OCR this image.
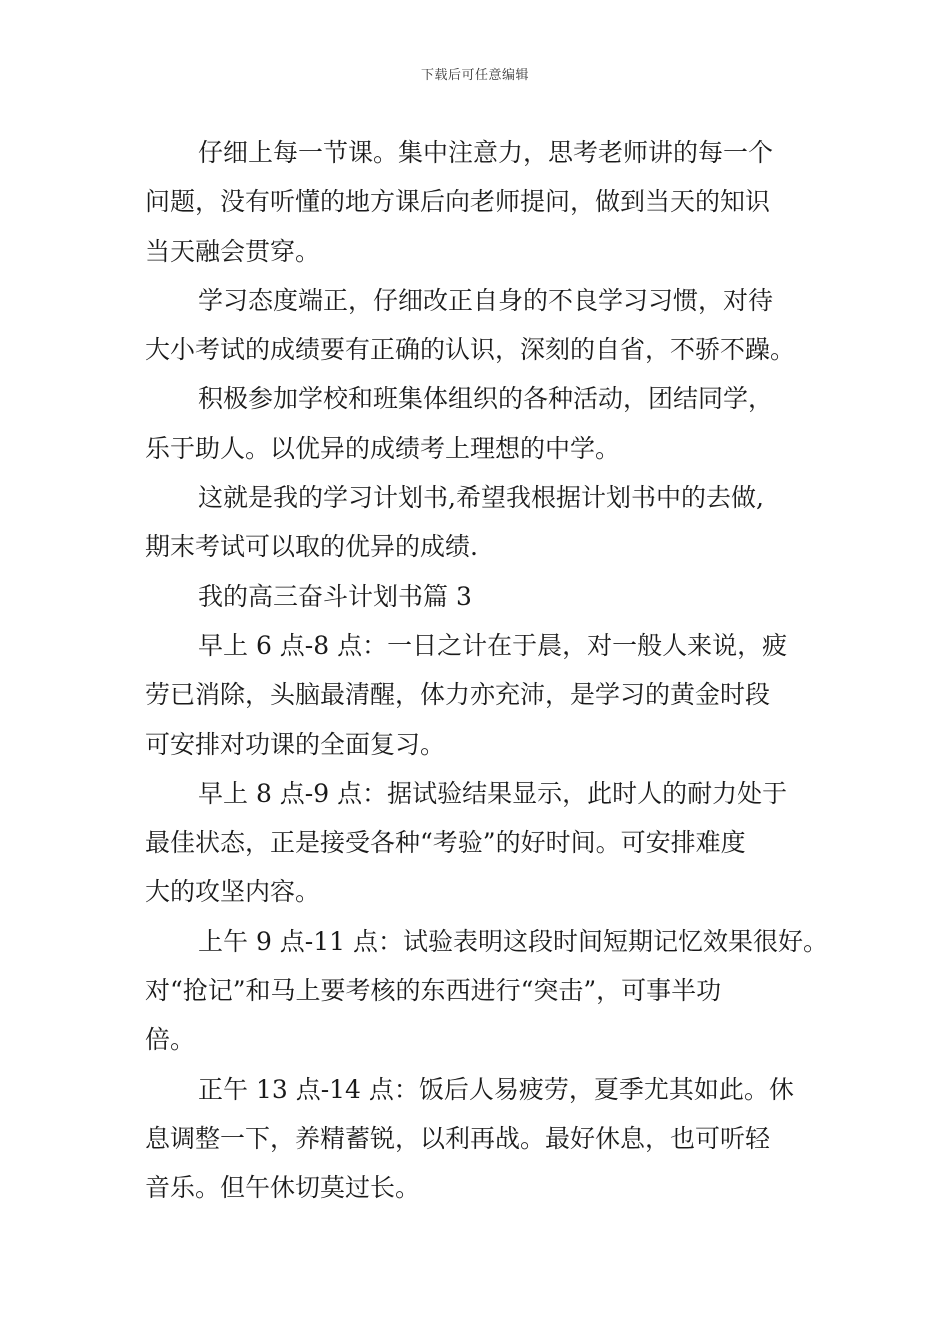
下载后可任意编辑

仔细上每一节课。集中注意力，思考老师讲的每一个
问题，没有听懂的地方课后向老师提问，做到当天的知识
当天融会贯穿。

学习态度端正，仔细改正自身的不良学习习惯，对待
大小考试的成绩要有正确的认识，深刻的自省，不骄不躁。

积极参加学校和班集体组织的各种活动，团结同学，
乐于助人。以优异的成绩考上理想的中学。

这就是我的学习计划书,希望我根据计划书中的去做,
期末考试可以取的优异的成绩.

我的高三奋斗计划书篇 3

早上 6 点-8 点：一日之计在于晨，对一般人来说，疲
劳已消除，头脑最清醒，体力亦充沛，是学习的黄金时段
可安排对功课的全面复习。

早上 8 点-9 点：据试验结果显示，此时人的耐力处于
最佳状态，正是接受各种“考验”的好时间。可安排难度
大的攻坚内容。

上午 9 点-11 点：试验表明这段时间短期记忆效果很好。
对“抢记”和马上要考核的东西进行“突击”，可事半功
倍。

正午 13 点-14 点：饭后人易疲劳，夏季尤其如此。休
息调整一下，养精蓄锐，以利再战。最好休息，也可听轻
音乐。但午休切莫过长。
